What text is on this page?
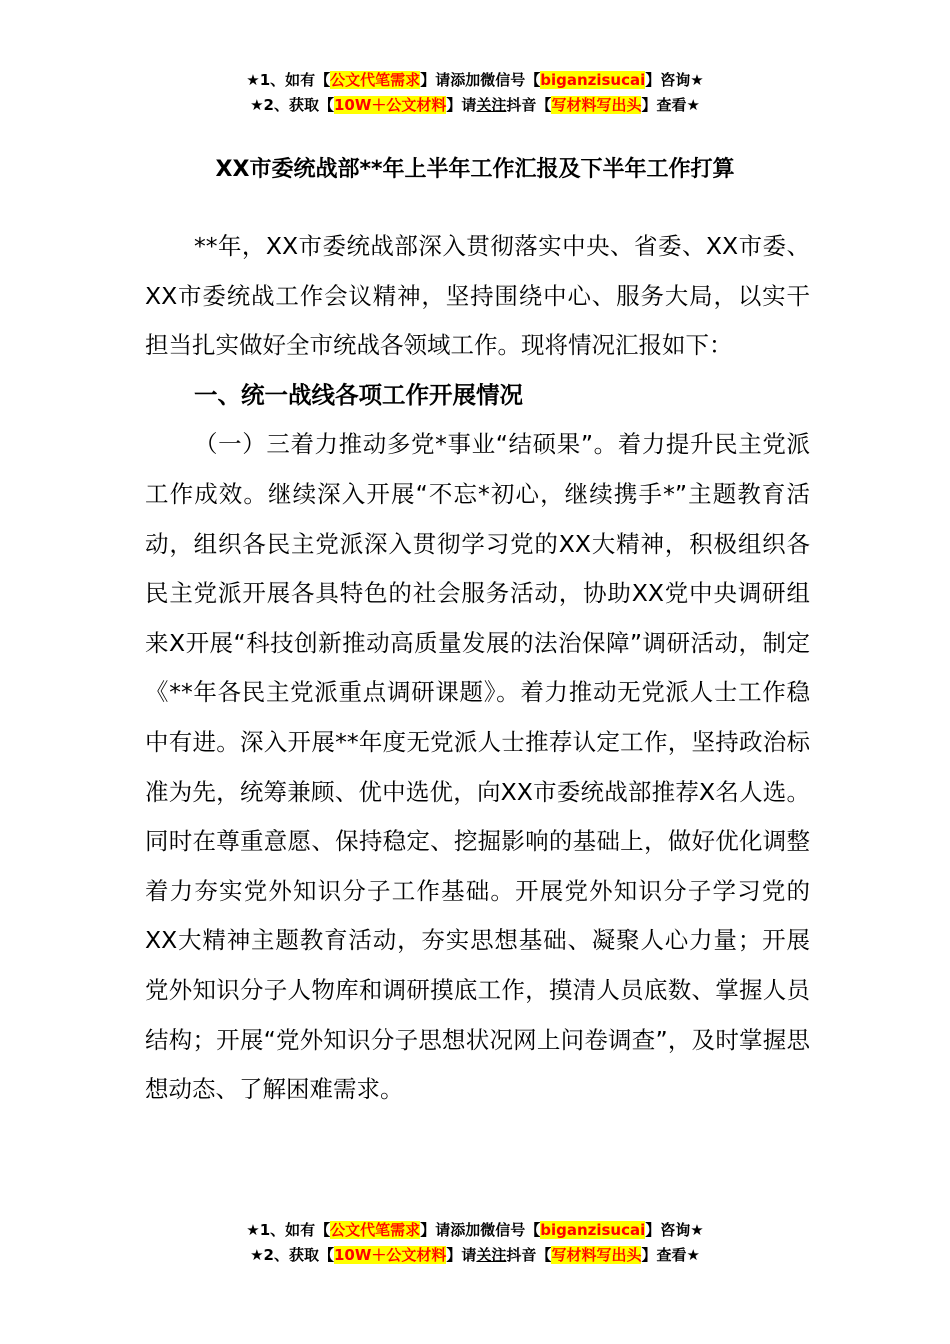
★1、如有【公文代笔需求】请添加微信号【biganzisucai】咨询★
★2、获取【10W＋公文材料】请关注抖音【写材料写出头】查看★
XX市委统战部**年上半年工作汇报及下半年工作打算

**年，XX市委统战部深入贯彻落实中央、省委、XX市委、XX市委统战工作会议精神，坚持围绕中心、服务大局，以实干担当扎实做好全市统战各领域工作。现将情况汇报如下：

一、统一战线各项工作开展情况

（一）三着力推动多党*事业“结硕果”。着力提升民主党派工作成效。继续深入开展“不忘*初心，继续携手*”主题教育活动，组织各民主党派深入贯彻学习党的XX大精神，积极组织各民主党派开展各具特色的社会服务活动，协助XX党中央调研组来X开展“科技创新推动高质量发展的法治保障”调研活动，制定《**年各民主党派重点调研课题》。着力推动无党派人士工作稳中有进。深入开展**年度无党派人士推荐认定工作，坚持政治标准为先，统筹兼顾、优中选优，向XX市委统战部推荐X名人选。同时在尊重意愿、保持稳定、挖掘影响的基础上，做好优化调整着力夯实党外知识分子工作基础。开展党外知识分子学习党的XX大精神主题教育活动，夯实思想基础、凝聚人心力量；开展党外知识分子人物库和调研摸底工作，摸清人员底数、掌握人员结构；开展“党外知识分子思想状况网上问卷调查”，及时掌握思想动态、了解困难需求。

★1、如有【公文代笔需求】请添加微信号【biganzisucai】咨询★
★2、获取【10W＋公文材料】请关注抖音【写材料写出头】查看★
